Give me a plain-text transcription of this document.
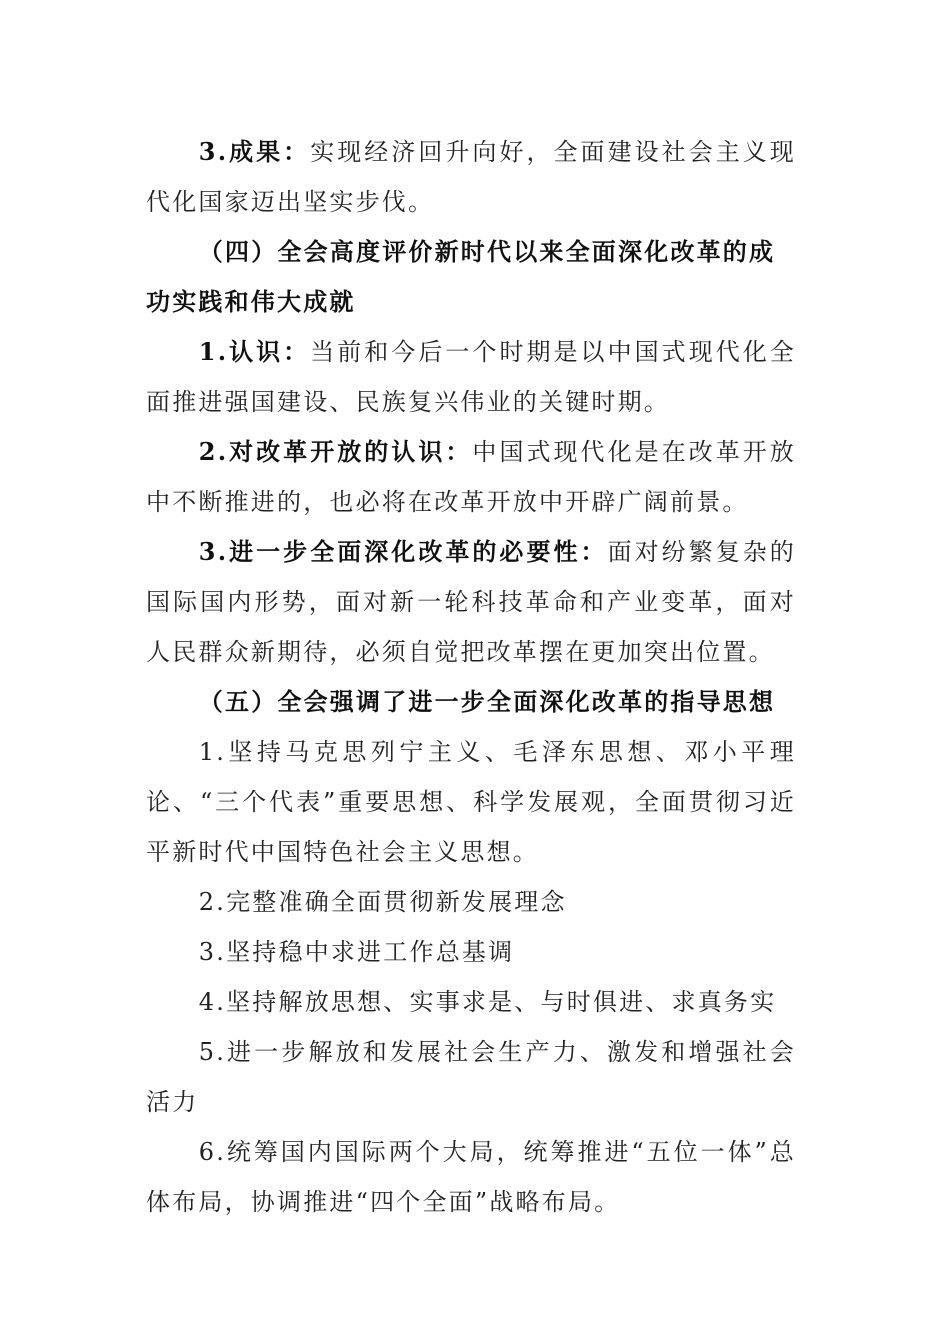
3.成果：实现经济回升向好，全面建设社会主义现代化国家迈出坚实步伐。

（四）全会高度评价新时代以来全面深化改革的成功实践和伟大成就

1.认识：当前和今后一个时期是以中国式现代化全面推进强国建设、民族复兴伟业的关键时期。

2.对改革开放的认识：中国式现代化是在改革开放中不断推进的，也必将在改革开放中开辟广阔前景。

3.进一步全面深化改革的必要性：面对纷繁复杂的国际国内形势，面对新一轮科技革命和产业变革，面对人民群众新期待，必须自觉把改革摆在更加突出位置。

（五）全会强调了进一步全面深化改革的指导思想

1.坚持马克思列宁主义、毛泽东思想、邓小平理论、“三个代表”重要思想、科学发展观，全面贯彻习近平新时代中国特色社会主义思想。

2.完整准确全面贯彻新发展理念

3.坚持稳中求进工作总基调

4.坚持解放思想、实事求是、与时俱进、求真务实

5.进一步解放和发展社会生产力、激发和增强社会活力

6.统筹国内国际两个大局，统筹推进“五位一体”总体布局，协调推进“四个全面”战略布局。
